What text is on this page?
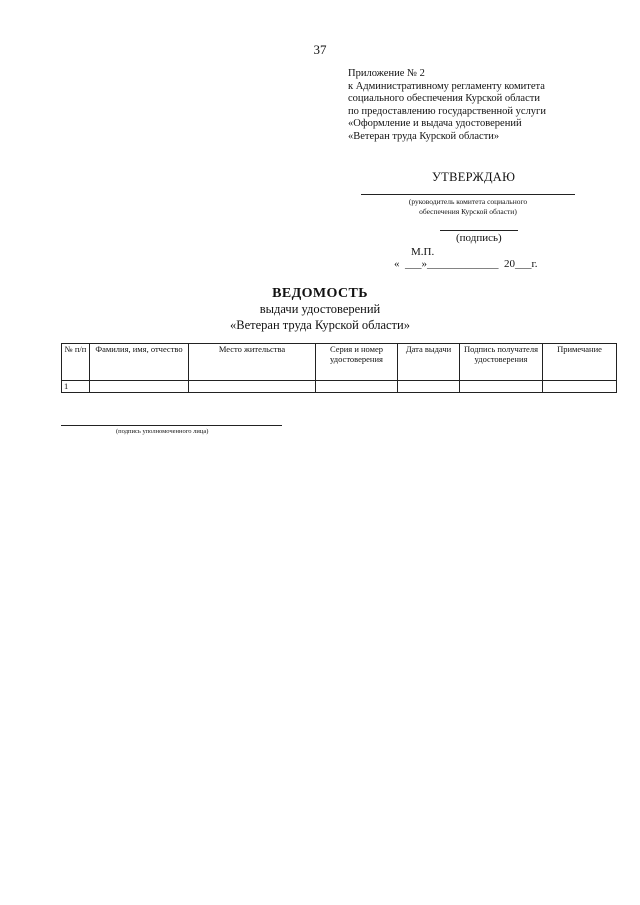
37
Приложение № 2
к Административному регламенту комитета
социального обеспечения Курской области
по предоставлению государственной услуги
«Оформление и выдача удостоверений
«Ветеран труда Курской области»
УТВЕРЖДАЮ
(руководитель комитета социального
обеспечения Курской области)
(подпись)
М.П.
«  ___»_____________  20___г.
ВЕДОМОСТЬ
выдачи удостоверений
«Ветеран труда Курской области»
№ п/п	Фамилия, имя, отчество	Место жительства	Серия и номер удостоверения	Дата выдачи	Подпись получателя удостоверения	Примечание
1						
(подпись уполномоченного лица)
